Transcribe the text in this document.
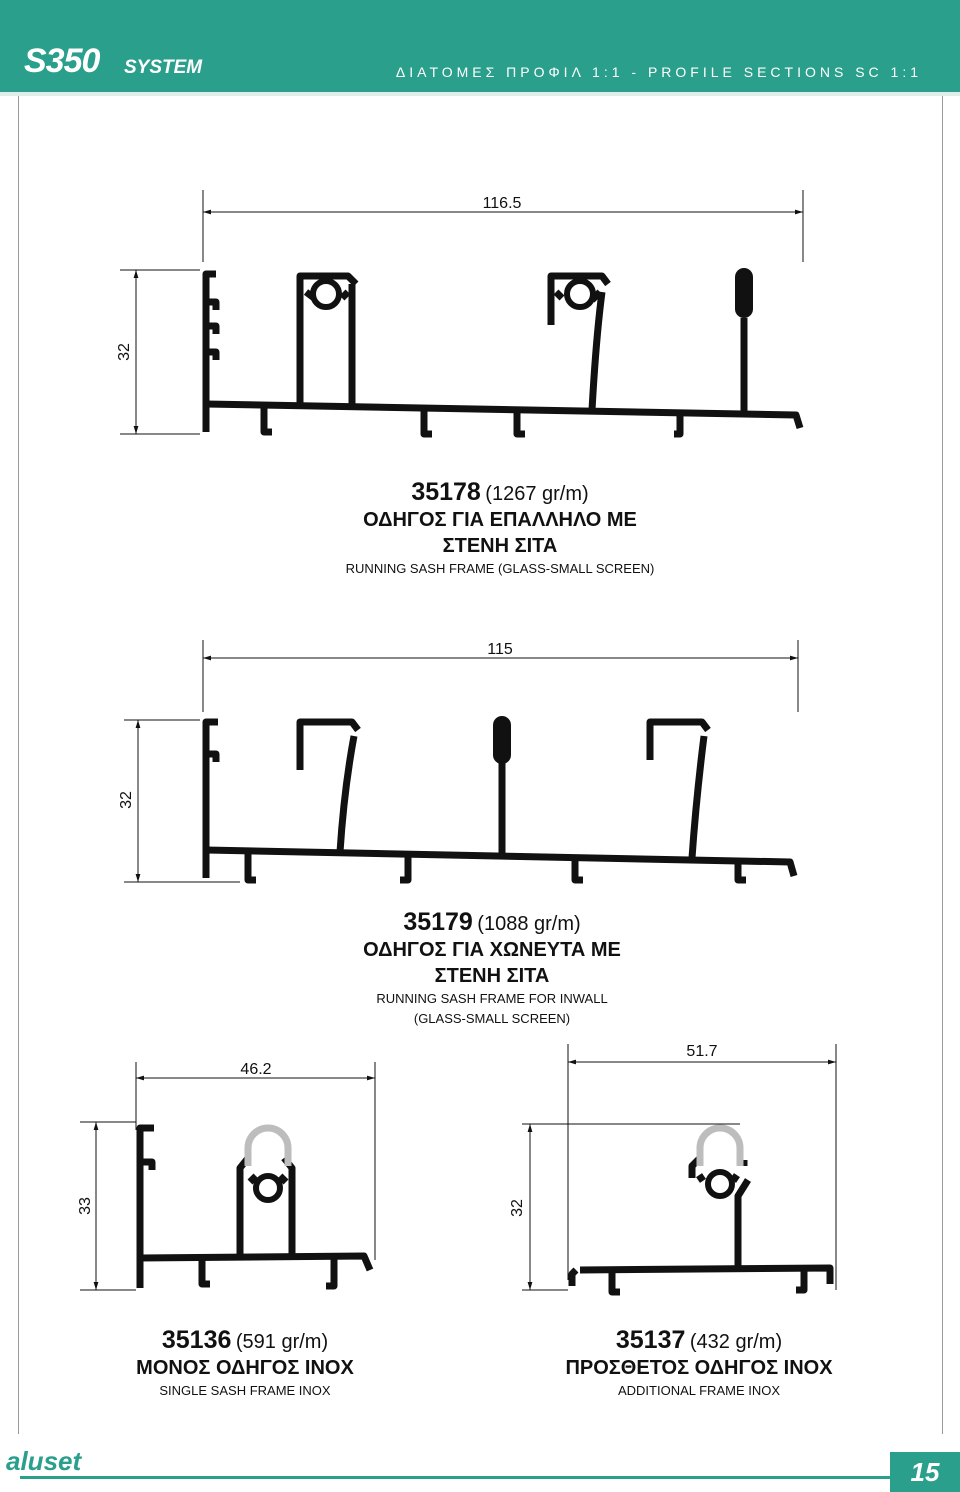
S350 SYSTEM	ΔΙΑΤΟΜΕΣ ΠΡΟΦΙΛ 1:1 - PROFILE SECTIONS SC 1:1
116.5
32
115
32
46.2
33
51.7
32
35178 (1267 gr/m)
ΟΔΗΓΟΣ ΓΙΑ ΕΠΑΛΛΗΛΟ ΜΕ
ΣΤΕΝΗ ΣΙΤΑ
RUNNING SASH FRAME (GLASS-SMALL SCREEN)
35179 (1088 gr/m)
ΟΔΗΓΟΣ ΓΙΑ ΧΩΝΕΥΤΑ ΜΕ
ΣΤΕΝΗ ΣΙΤΑ
RUNNING SASH FRAME FOR INWALL
(GLASS-SMALL SCREEN)
35136 (591 gr/m)
ΜΟΝΟΣ ΟΔΗΓΟΣ ΙΝΟΧ
SINGLE SASH FRAME INOX
35137 (432 gr/m)
ΠΡΟΣΘΕΤΟΣ ΟΔΗΓΟΣ ΙΝΟΧ
ADDITIONAL FRAME INOX
aluset	15
